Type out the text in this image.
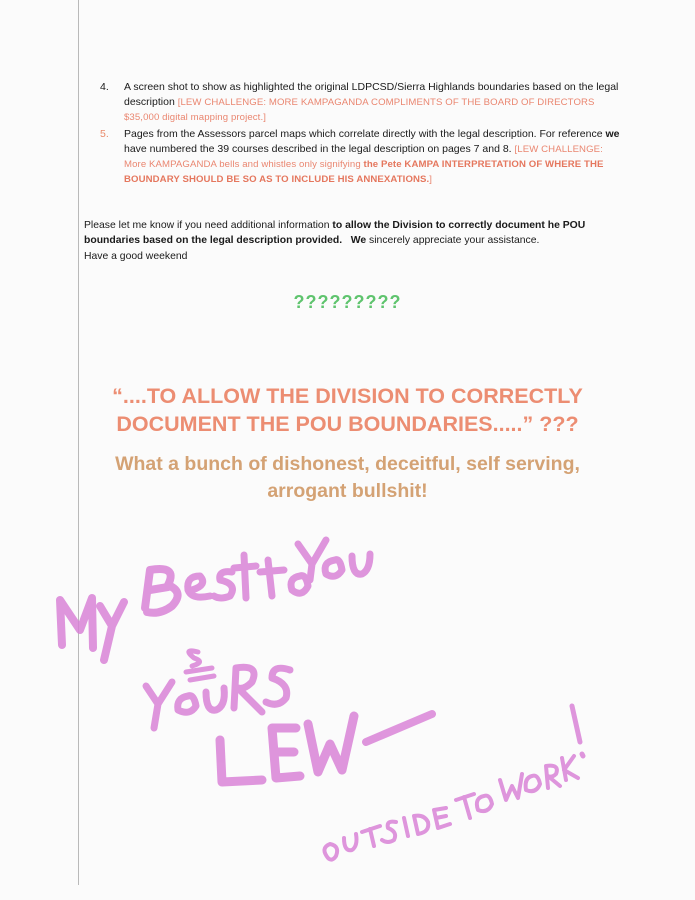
4. A screen shot to show as highlighted the original LDPCSD/Sierra Highlands boundaries based on the legal description [LEW CHALLENGE: MORE KAMPAGANDA COMPLIMENTS OF THE BOARD OF DIRECTORS $35,000 digital mapping project.]
5. Pages from the Assessors parcel maps which correlate directly with the legal description. For reference we have numbered the 39 courses described in the legal description on pages 7 and 8. [LEW CHALLENGE: More KAMPAGANDA bells and whistles only signifying the Pete KAMPA INTERPRETATION OF WHERE THE BOUNDARY SHOULD BE SO AS TO INCLUDE HIS ANNEXATIONS.]
Please let me know if you need additional information to allow the Division to correctly document he POU boundaries based on the legal description provided. We sincerely appreciate your assistance.
Have a good weekend
?????????
“....TO ALLOW THE DIVISION TO CORRECTLY
DOCUMENT THE POU BOUNDARIES.....” ???
What a bunch of dishonest, deceitful, self serving,
arrogant bullshit!
